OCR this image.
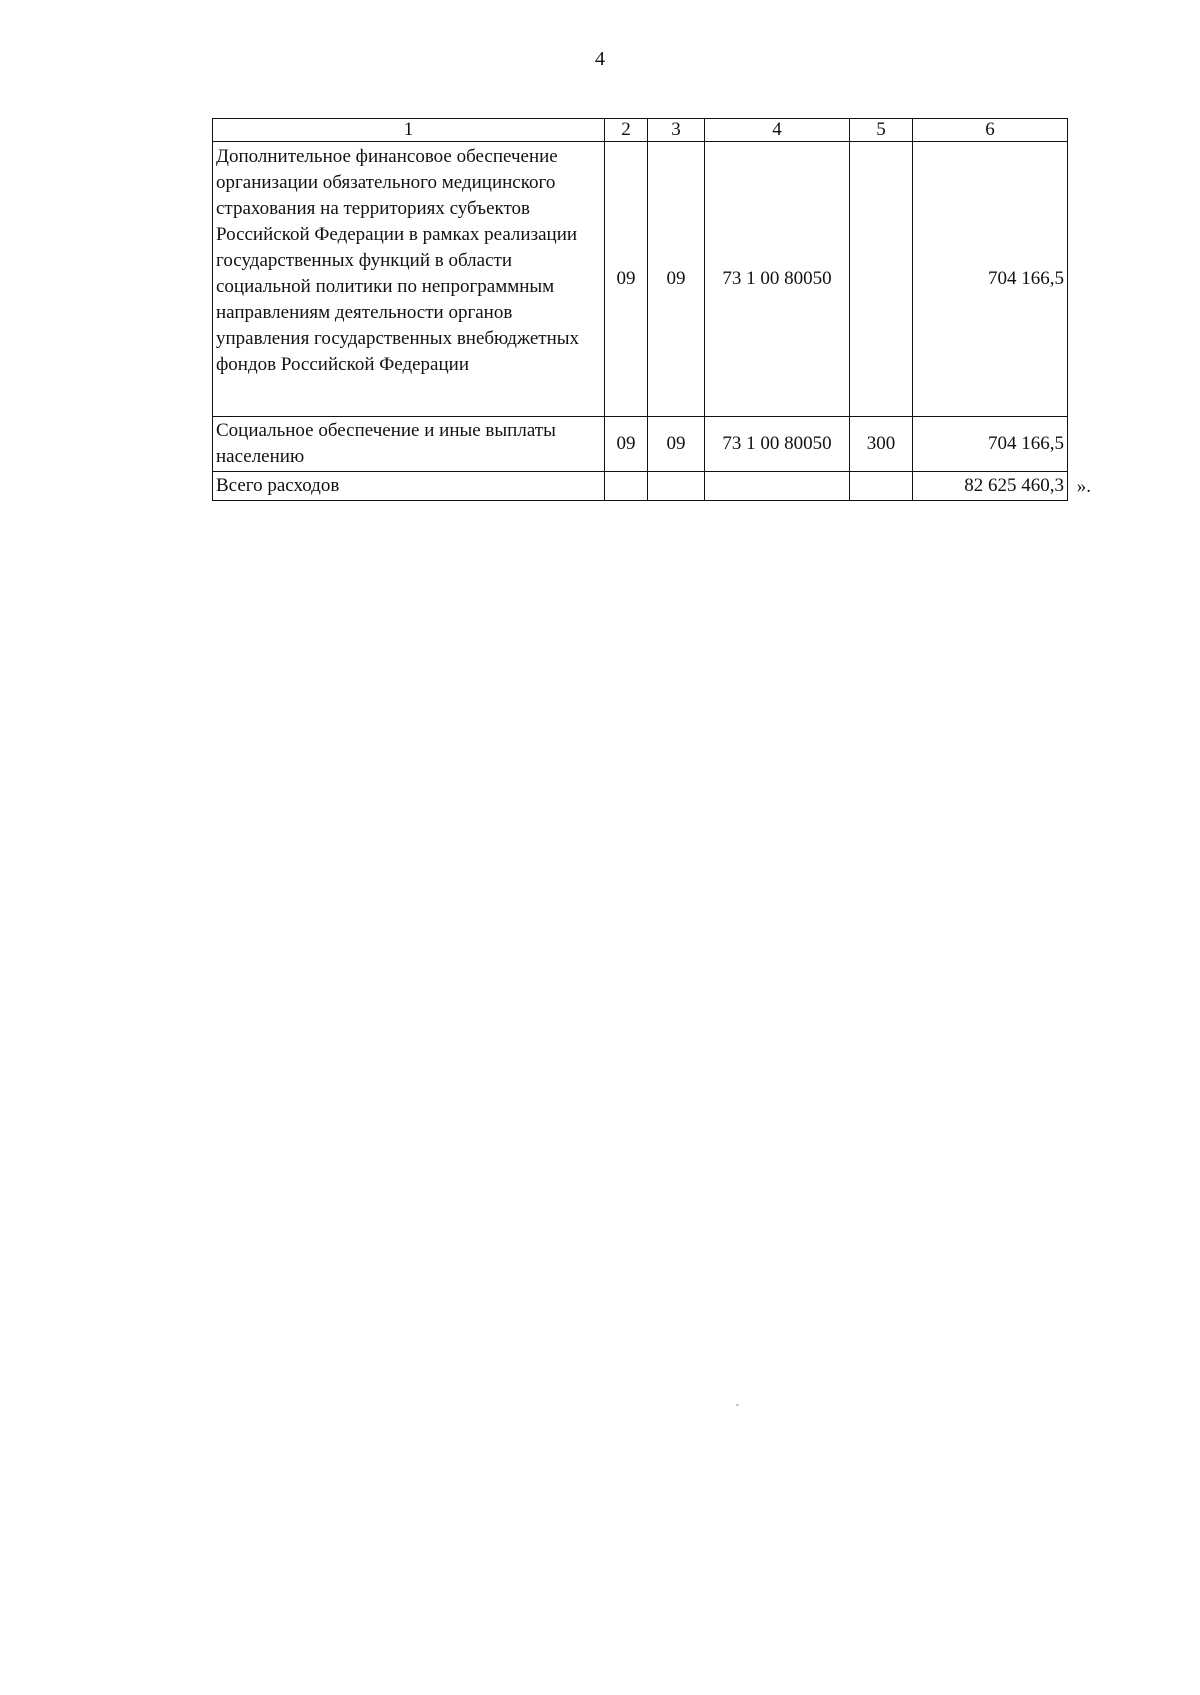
4
1	2	3	4	5	6
Дополнительное финансовое обеспечение организации обязательного медицинского страхования на территориях субъектов Российской Федерации в рамках реализации государственных функций в области социальной политики по непрограммным направлениям деятельности органов управления государственных внебюджетных фондов Российской Федерации	09	09	73 1 00 80050		704 166,5
Социальное обеспечение и иные выплаты населению	09	09	73 1 00 80050	300	704 166,5
Всего расходов					82 625 460,3 ».
